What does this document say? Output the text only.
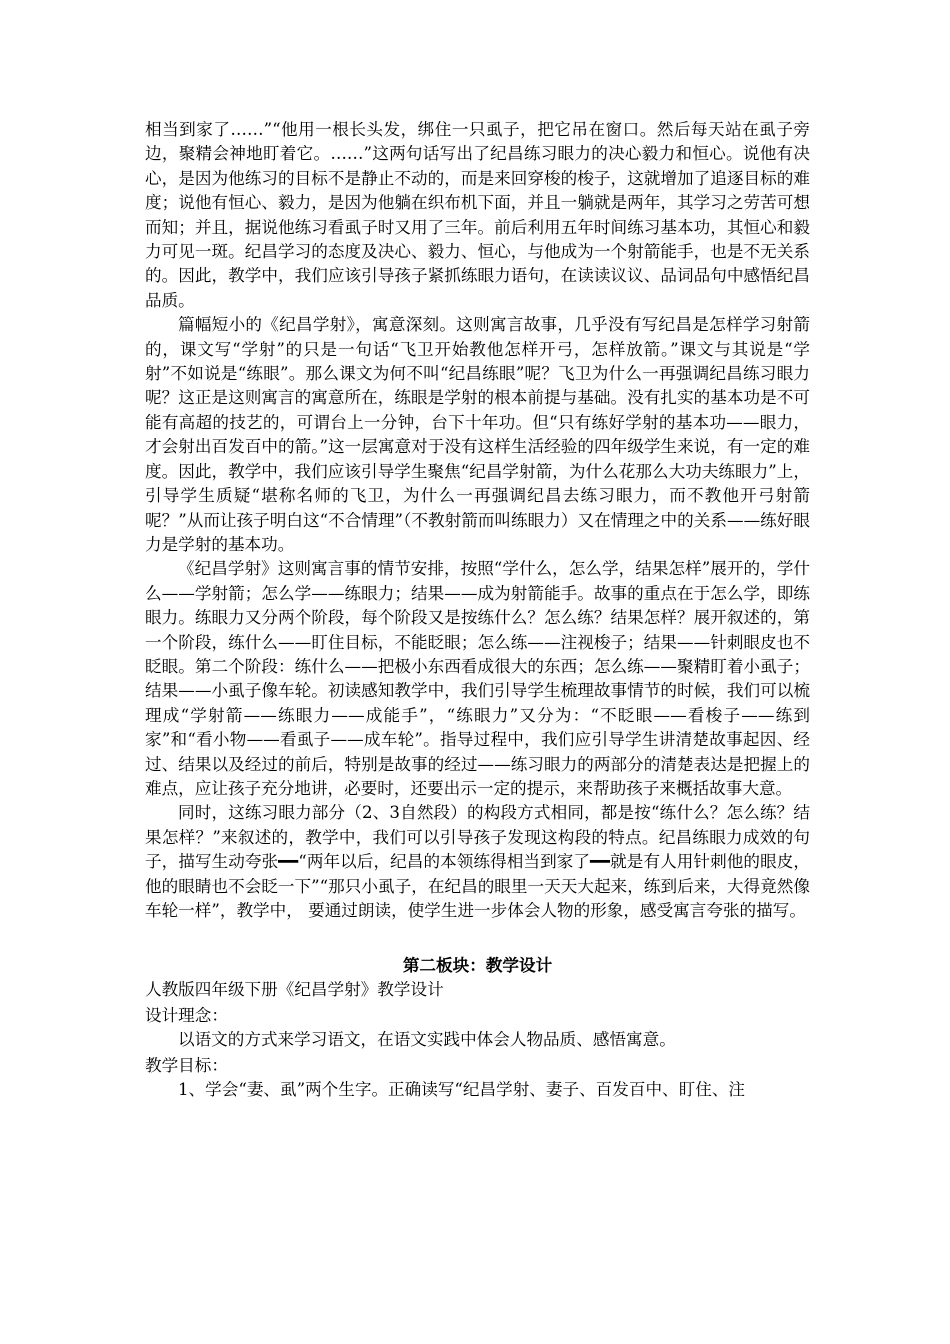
相当到家了……”“他用一根长头发，绑住一只虱子，把它吊在窗口。然后每天站在虱子旁边，聚精会神地盯着它。……”这两句话写出了纪昌练习眼力的决心毅力和恒心。说他有决心，是因为他练习的目标不是静止不动的，而是来回穿梭的梭子，这就增加了追逐目标的难度；说他有恒心、毅力，是因为他躺在织布机下面，并且一躺就是两年，其学习之劳苦可想而知；并且，据说他练习看虱子时又用了三年。前后利用五年时间练习基本功，其恒心和毅力可见一斑。纪昌学习的态度及决心、毅力、恒心，与他成为一个射箭能手，也是不无关系的。因此，教学中，我们应该引导孩子紧抓练眼力语句，在读读议议、品词品句中感悟纪昌品质。

篇幅短小的《纪昌学射》，寓意深刻。这则寓言故事，几乎没有写纪昌是怎样学习射箭的，课文写“学射”的只是一句话“飞卫开始教他怎样开弓，怎样放箭。”课文与其说是“学射”不如说是“练眼”。那么课文为何不叫“纪昌练眼”呢？飞卫为什么一再强调纪昌练习眼力呢？这正是这则寓言的寓意所在，练眼是学射的根本前提与基础。没有扎实的基本功是不可能有高超的技艺的，可谓台上一分钟，台下十年功。但“只有练好学射的基本功——眼力，才会射出百发百中的箭。”这一层寓意对于没有这样生活经验的四年级学生来说，有一定的难度。因此，教学中，我们应该引导学生聚焦“纪昌学射箭，为什么花那么大功夫练眼力”上，引导学生质疑“堪称名师的飞卫，为什么一再强调纪昌去练习眼力，而不教他开弓射箭呢？”从而让孩子明白这“不合情理”（不教射箭而叫练眼力）又在情理之中的关系——练好眼力是学射的基本功。

《纪昌学射》这则寓言事的情节安排，按照“学什么，怎么学，结果怎样”展开的，学什么——学射箭；怎么学——练眼力；结果——成为射箭能手。故事的重点在于怎么学，即练眼力。练眼力又分两个阶段，每个阶段又是按练什么？怎么练？结果怎样？展开叙述的，第一个阶段，练什么——盯住目标，不能眨眼；怎么练——注视梭子；结果——针刺眼皮也不眨眼。第二个阶段：练什么——把极小东西看成很大的东西；怎么练——聚精盯着小虱子；结果——小虱子像车轮。初读感知教学中，我们引导学生梳理故事情节的时候，我们可以梳理成“学射箭——练眼力——成能手”，“练眼力”又分为：“不眨眼——看梭子——练到家”和“看小物——看虱子——成车轮”。指导过程中，我们应引导学生讲清楚故事起因、经过、结果以及经过的前后，特别是故事的经过——练习眼力的两部分的清楚表达是把握上的难点，应让孩子充分地讲，必要时，还要出示一定的提示，来帮助孩子来概括故事大意。

同时，这练习眼力部分（2、3自然段）的构段方式相同，都是按“练什么？怎么练？结果怎样？”来叙述的，教学中，我们可以引导孩子发现这构段的特点。纪昌练眼力成效的句子，描写生动夸张━━“两年以后，纪昌的本领练得相当到家了━━就是有人用针刺他的眼皮，他的眼睛也不会眨一下”“那只小虱子，在纪昌的眼里一天天大起来，练到后来，大得竟然像车轮一样”，教学中， 要通过朗读，使学生进一步体会人物的形象，感受寓言夸张的描写。

第二板块：教学设计

人教版四年级下册《纪昌学射》教学设计

设计理念：

以语文的方式来学习语文，在语文实践中体会人物品质、感悟寓意。

教学目标：

1、学会“妻、虱”两个生字。正确读写“纪昌学射、妻子、百发百中、盯住、注
